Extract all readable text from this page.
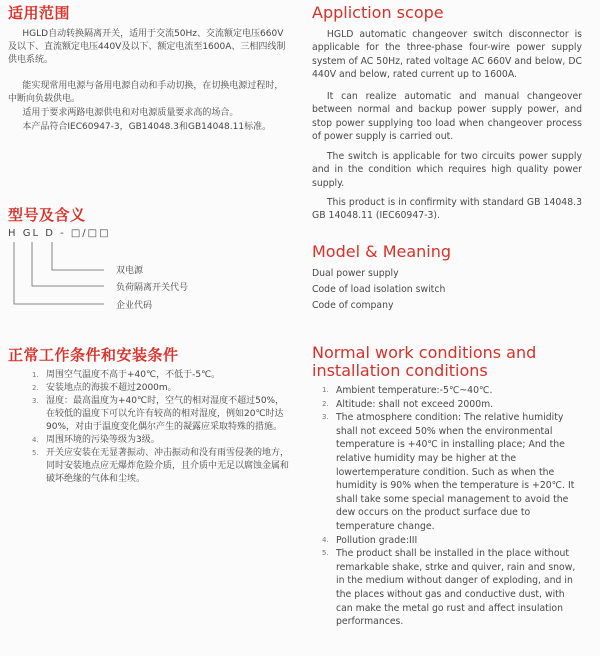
适用范围

HGLD自动转换隔离开关，适用于交流50Hz、交流额定电压660V及以下、直流额定电压440V及以下、额定电流至1600A、三相四线制供电系统。

能实现常用电源与备用电源自动和手动切换，在切换电源过程时，中断向负载供电。

适用于要求两路电源供电和对电源质量要求高的场合。

本产品符合IEC60947-3，GB14048.3和GB14048.11标准。

型号及含义
H GL D - □/□□
双电源
负荷隔离开关代号
企业代码
正常工作条件和安装条件
1. 周围空气温度不高于+40℃，不低于-5℃。
2. 安装地点的海拔不超过2000m。
3. 湿度：最高温度为+40℃时，空气的相对湿度不超过50%，在较低的温度下可以允许有较高的相对湿度，例如20℃时达90%，对由于温度变化偶尔产生的凝露应采取特殊的措施。
4. 周围环境的污染等级为3级。
5. 开关应安装在无显著振动、冲击振动和没有雨雪侵袭的地方，同时安装地点应无爆炸危险介质，且介质中无足以腐蚀金属和破坏绝缘的气体和尘埃。
Appliction scope

HGLD automatic changeover switch disconnector is applicable for the three-phase four-wire power supply system of AC 50Hz, rated voltage AC 660V and below, DC 440V and below, rated current up to 1600A.

It can realize automatic and manual changeover between normal and backup power supply power, and stop power supplying too load when changeover process of power supply is carried out.

The switch is applicable for two circuits power supply and in the condition which requires high quality power supply.

This product is in confirmity with standard GB 14048.3 GB 14048.11 (IEC60947-3).

Model & Meaning

Dual power supply

Code of load isolation switch

Code of company

Normal work conditions and installation conditions
1. Ambient temperature:-5℃~40℃.
2. Altitude: shall not exceed 2000m.
3. The atmosphere condition: The relative humidity shall not exceed 50% when the environmental temperature is +40℃ in installing place; And the relative humidity may be higher at the lowertemperature condition. Such as when the humidity is 90% when the temperature is +20℃. It shall take some special management to avoid the dew occurs on the product surface due to temperature change.
4. Pollution grade:III
5. The product shall be installed in the place without remarkable shake, strke and quiver, rain and snow, in the medium without danger of exploding, and in the places without gas and conductive dust, with can make the metal go rust and affect insulation performances.
